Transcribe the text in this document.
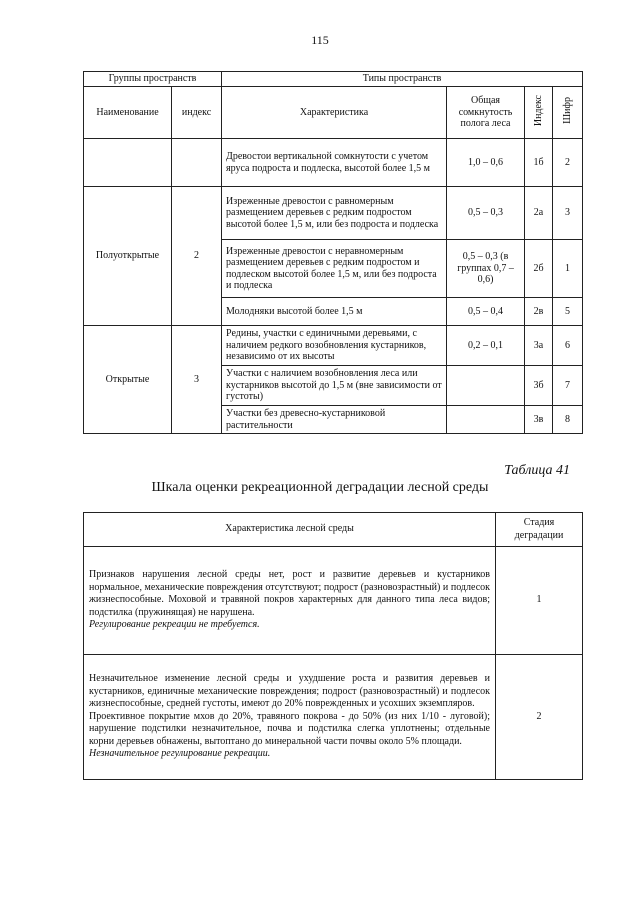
115
Группы пространств		Типы пространств			
Наименование	индекс	Характеристика	Общая сомкнутость полога леса	Индекс	Шифр
		Древостои вертикальной сомкнутости с учетом яруса подроста и подлеска, высотой более 1,5 м	1,0 – 0,6	1б	2
Полуоткрытые	2	Изреженные древостои с равномерным размещением деревьев с редким подростом высотой более 1,5 м, или без подроста и подлеска	0,5 – 0,3	2а	3
		Изреженные древостои с неравномерным размещением деревьев с редким подростом и подлеском высотой более 1,5 м, или без подроста и подлеска	0,5 – 0,3 (в группах 0,7 – 0,6)	2б	1
		Молодняки высотой более 1,5 м	0,5 – 0,4	2в	5
Открытые	3	Редины, участки с единичными деревьями, с наличием редкого возобновления кустарников, независимо от их высоты	0,2 – 0,1	3а	6
		Участки с наличием возобновления леса или кустарников высотой до 1,5 м (вне зависимости от густоты)		3б	7
		Участки без древесно-кустарниковой растительности		3в	8
Таблица 41
Шкала оценки рекреационной деградации лесной среды
Характеристика лесной среды	Стадия деградации

Признаков нарушения лесной среды нет, рост и развитие деревьев и кустарников нормальное, механические повреждения отсутствуют; подрост (разновозрастный) и подлесок жизнеспособные. Моховой и травяной покров характерных для данного типа леса видов; подстилка (пружинящая) не нарушена.
Регулирование рекреации не требуется.	1

Незначительное изменение лесной среды и ухудшение роста и развития деревьев и кустарников, единичные механические повреждения; подрост (разновозрастный) и подлесок жизнеспособные, средней густоты, имеют до 20% поврежденных и усохших экземпляров.
Проективное покрытие мхов до 20%, травяного покрова - до 50% (из них 1/10 - луговой); нарушение подстилки незначительное, почва и подстилка слегка уплотнены; отдельные корни деревьев обнажены, вытоптано до минеральной части почвы около 5% площади.
Незначительное регулирование рекреации.	2
